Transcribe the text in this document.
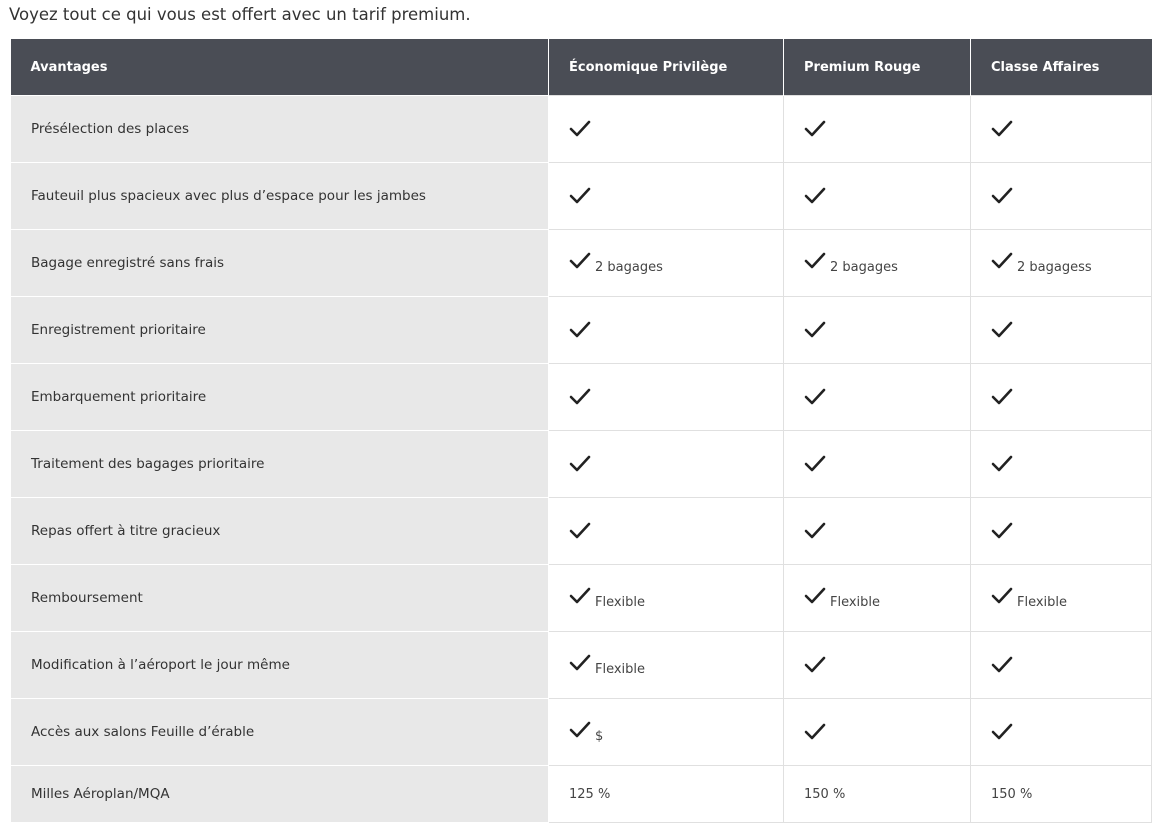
Voyez tout ce qui vous est offert avec un tarif premium.
Avantages	Économique Privilège	Premium Rouge	Classe Affaires
Présélection des places			
Fauteuil plus spacieux avec plus d’espace pour les jambes			
Bagage enregistré sans frais	2 bagages	2 bagages	2 bagagess
Enregistrement prioritaire			
Embarquement prioritaire			
Traitement des bagages prioritaire			
Repas offert à titre gracieux			
Remboursement	Flexible	Flexible	Flexible
Modification à l’aéroport le jour même	Flexible		
Accès aux salons Feuille d’érable	$		
Milles Aéroplan/MQA	125 %	150 %	150 %
